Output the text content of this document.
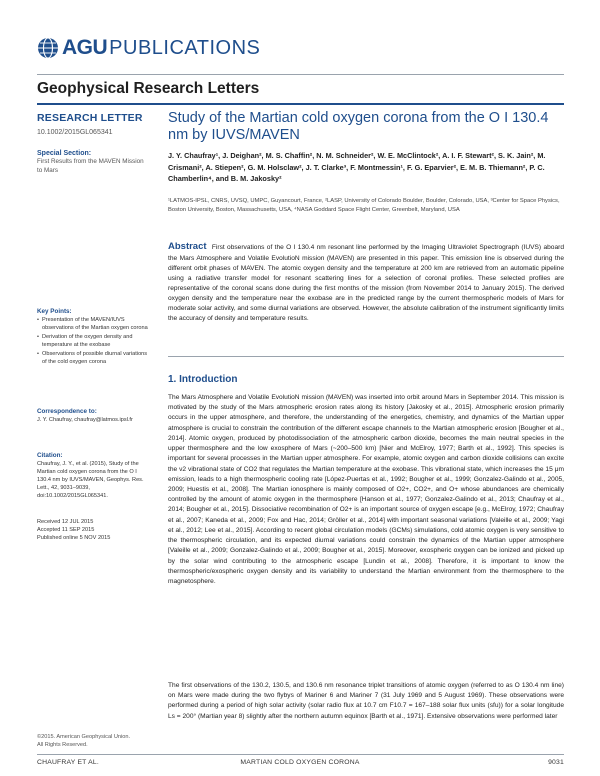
AGU PUBLICATIONS
Geophysical Research Letters
RESEARCH LETTER
10.1002/2015GL065341
Special Section:
First Results from the MAVEN Mission to Mars
Key Points:
• Presentation of the MAVEN/IUVS observations of the Martian oxygen corona
• Derivation of the oxygen density and temperature at the exobase
• Observations of possible diurnal variations of the cold oxygen corona
Correspondence to:
J. Y. Chaufray, chaufray@latmos.ipsl.fr
Citation:
Chaufray, J. Y., et al. (2015), Study of the Martian cold oxygen corona from the O I 130.4 nm by IUVS/MAVEN, Geophys. Res. Lett., 42, 9031–9039, doi:10.1002/2015GL065341.
Received 12 JUL 2015
Accepted 11 SEP 2015
Published online 5 NOV 2015
©2015. American Geophysical Union.
All Rights Reserved.
Study of the Martian cold oxygen corona from the O I 130.4 nm by IUVS/MAVEN
J. Y. Chaufray¹, J. Deighan², M. S. Chaffin², N. M. Schneider², W. E. McClintock², A. I. F. Stewart², S. K. Jain², M. Crismani², A. Stiepen², G. M. Holsclaw², J. T. Clarke³, F. Montmessin¹, F. G. Eparvier², E. M. B. Thiemann², P. C. Chamberlin⁴, and B. M. Jakosky²
¹LATMOS-IPSL, CNRS, UVSQ, UMPC, Guyancourt, France, ²LASP, University of Colorado Boulder, Boulder, Colorado, USA, ³Center for Space Physics, Boston University, Boston, Massachusetts, USA, ⁴NASA Goddard Space Flight Center, Greenbelt, Maryland, USA
Abstract First observations of the O I 130.4 nm resonant line performed by the Imaging Ultraviolet Spectrograph (IUVS) aboard the Mars Atmosphere and Volatile EvolutioN mission (MAVEN) are presented in this paper. This emission line is observed during the different orbit phases of MAVEN. The atomic oxygen density and the temperature at 200 km are retrieved from an automatic pipeline using a radiative transfer model for resonant scattering lines for a selection of coronal profiles. These selected profiles are representative of the coronal scans done during the first months of the mission (from November 2014 to January 2015). The derived oxygen density and the temperature near the exobase are in the predicted range by the current thermospheric models of Mars for moderate solar activity, and some diurnal variations are observed. However, the absolute calibration of the instrument significantly limits the accuracy of density and temperature results.
1. Introduction
The Mars Atmosphere and Volatile EvolutioN mission (MAVEN) was inserted into orbit around Mars in September 2014. This mission is motivated by the study of the Mars atmospheric erosion rates along its history [Jakosky et al., 2015]. Atmospheric erosion primarily occurs in the upper atmosphere, and therefore, the understanding of the energetics, chemistry, and dynamics of the Martian upper atmosphere is crucial to constrain the contribution of the different escape channels to the Martian atmospheric erosion [Bougher et al., 2014]. Atomic oxygen, produced by photodissociation of the atmospheric carbon dioxide, becomes the main neutral species in the upper thermosphere and the low exosphere of Mars (~200–500 km) [Nier and McElroy, 1977; Barth et al., 1992]. This species is important for several processes in the Martian upper atmosphere. For example, atomic oxygen and carbon dioxide collisions can excite the ν2 vibrational state of CO2 that regulates the Martian temperature at the exobase. This vibrational state, which increases the 15 μm emission, leads to a high thermospheric cooling rate [López-Puertas et al., 1992; Bougher et al., 1999; Gonzalez-Galindo et al., 2005, 2009; Huestis et al., 2008]. The Martian ionosphere is mainly composed of O2+, CO2+, and O+ whose abundances are chemically controlled by the amount of atomic oxygen in the thermosphere [Hanson et al., 1977; Gonzalez-Galindo et al., 2013; Chaufray et al., 2014; Bougher et al., 2015]. Dissociative recombination of O2+ is an important source of oxygen escape [e.g., McElroy, 1972; Chaufray et al., 2007; Kaneda et al., 2009; Fox and Hac, 2014; Gröller et al., 2014] with important seasonal variations [Valeille et al., 2009; Yagi et al., 2012; Lee et al., 2015]. According to recent global circulation models (GCMs) simulations, cold atomic oxygen is very sensitive to the thermospheric circulation, and its expected diurnal variations could constrain the dynamics of the Martian upper atmosphere [Valeille et al., 2009; Gonzalez-Galindo et al., 2009; Bougher et al., 2015]. Moreover, exospheric oxygen can be ionized and picked up by the solar wind contributing to the atmospheric escape [Lundin et al., 2008]. Therefore, it is important to know the thermospheric/exospheric oxygen density and its variability to understand the Martian environment from the thermosphere to the magnetosphere.
The first observations of the 130.2, 130.5, and 130.6 nm resonance triplet transitions of atomic oxygen (referred to as O 130.4 nm line) on Mars were made during the two flybys of Mariner 6 and Mariner 7 (31 July 1969 and 5 August 1969). These observations were performed during a period of high solar activity (solar radio flux at 10.7 cm F10.7 = 167–188 solar flux units (sfu)) for a solar longitude Ls = 200° (Martian year 8) slightly after the northern autumn equinox [Barth et al., 1971]. Extensive observations were performed later
CHAUFRAY ET AL.	MARTIAN COLD OXYGEN CORONA	9031
